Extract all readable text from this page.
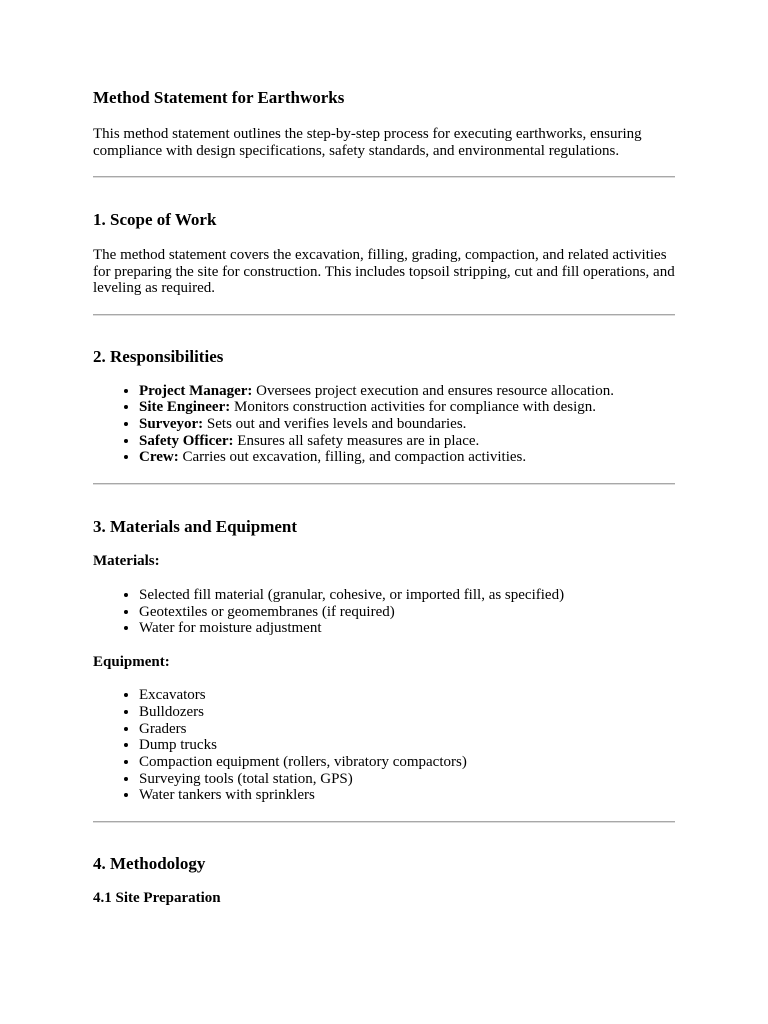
Method Statement for Earthworks

This method statement outlines the step-by-step process for executing earthworks, ensuring compliance with design specifications, safety standards, and environmental regulations.

1. Scope of Work

The method statement covers the excavation, filling, grading, compaction, and related activities for preparing the site for construction. This includes topsoil stripping, cut and fill operations, and leveling as required.

2. Responsibilities
• Project Manager: Oversees project execution and ensures resource allocation.
• Site Engineer: Monitors construction activities for compliance with design.
• Surveyor: Sets out and verifies levels and boundaries.
• Safety Officer: Ensures all safety measures are in place.
• Crew: Carries out excavation, filling, and compaction activities.
3. Materials and Equipment
Materials:
• Selected fill material (granular, cohesive, or imported fill, as specified)
• Geotextiles or geomembranes (if required)
• Water for moisture adjustment
Equipment:
• Excavators
• Bulldozers
• Graders
• Dump trucks
• Compaction equipment (rollers, vibratory compactors)
• Surveying tools (total station, GPS)
• Water tankers with sprinklers
4. Methodology
4.1 Site Preparation
